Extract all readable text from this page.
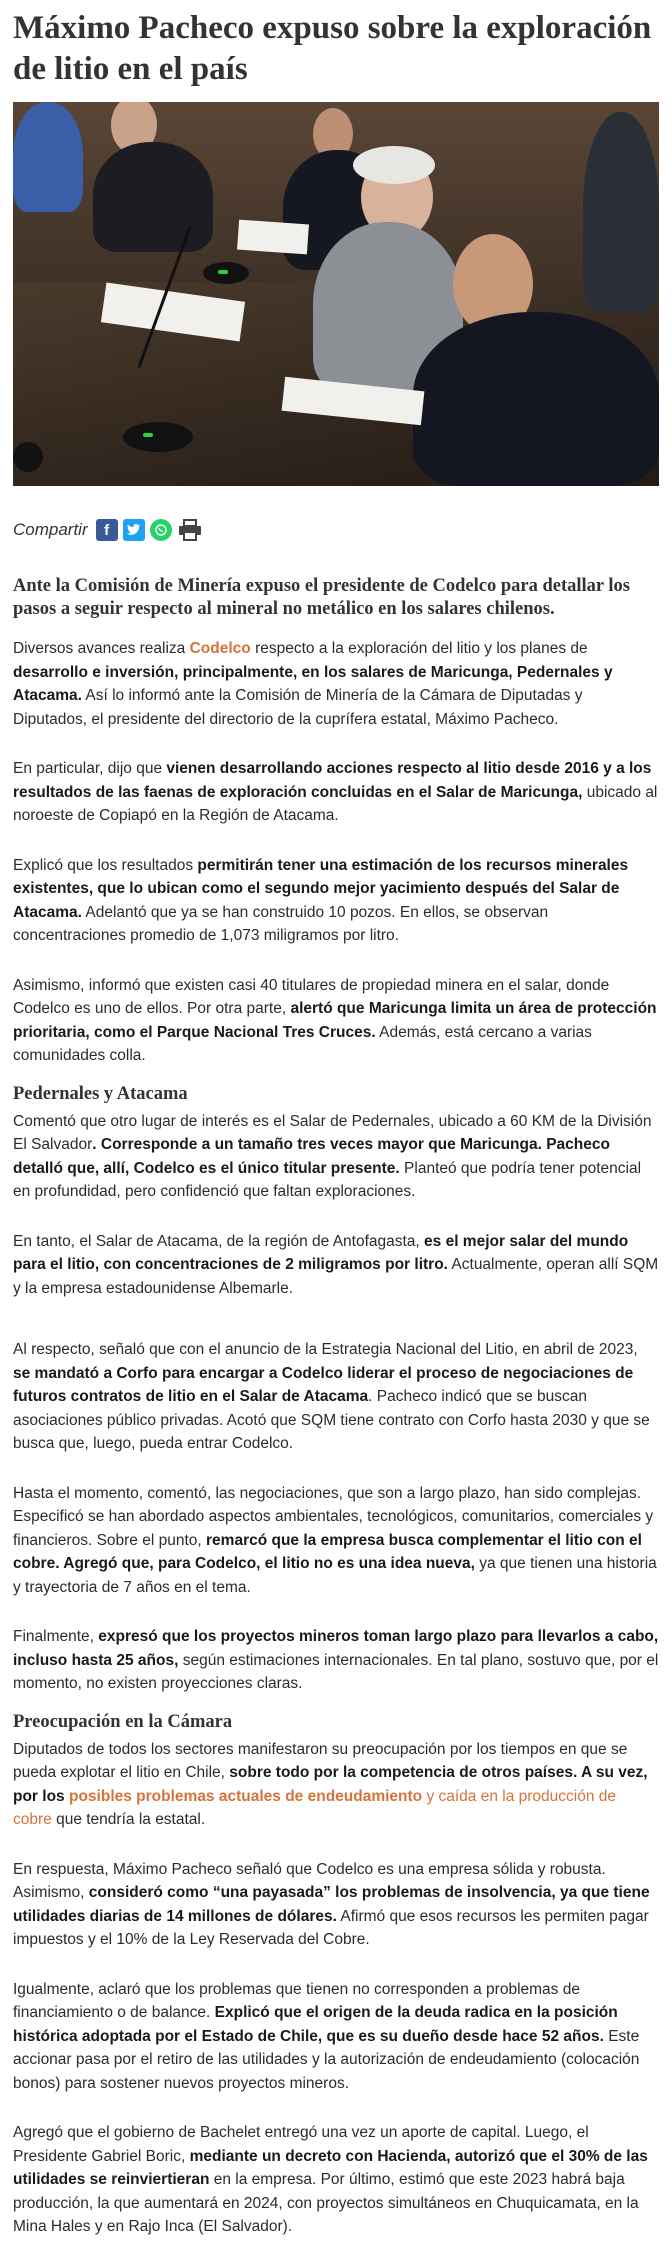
Máximo Pacheco expuso sobre la exploración de litio en el país
Compartir	f
Ante la Comisión de Minería expuso el presidente de Codelco para detallar los pasos a seguir respecto al mineral no metálico en los salares chilenos.

Diversos avances realiza Codelco respecto a la exploración del litio y los planes de desarrollo e inversión, principalmente, en los salares de Maricunga, Pedernales y Atacama. Así lo informó ante la Comisión de Minería de la Cámara de Diputadas y Diputados, el presidente del directorio de la cuprífera estatal, Máximo Pacheco.

En particular, dijo que vienen desarrollando acciones respecto al litio desde 2016 y a los resultados de las faenas de exploración concluidas en el Salar de Maricunga, ubicado al noroeste de Copiapó en la Región de Atacama.

Explicó que los resultados permitirán tener una estimación de los recursos minerales existentes, que lo ubican como el segundo mejor yacimiento después del Salar de Atacama. Adelantó que ya se han construido 10 pozos. En ellos, se observan concentraciones promedio de 1,073 miligramos por litro.

Asimismo, informó que existen casi 40 titulares de propiedad minera en el salar, donde Codelco es uno de ellos. Por otra parte, alertó que Maricunga limita un área de protección prioritaria, como el Parque Nacional Tres Cruces. Además, está cercano a varias comunidades colla.

Pedernales y Atacama

Comentó que otro lugar de interés es el Salar de Pedernales, ubicado a 60 KM de la División El Salvador. Corresponde a un tamaño tres veces mayor que Maricunga. Pacheco detalló que, allí, Codelco es el único titular presente. Planteó que podría tener potencial en profundidad, pero confidenció que faltan exploraciones.

En tanto, el Salar de Atacama, de la región de Antofagasta, es el mejor salar del mundo para el litio, con concentraciones de 2 miligramos por litro. Actualmente, operan allí SQM y la empresa estadounidense Albemarle.

Al respecto, señaló que con el anuncio de la Estrategia Nacional del Litio, en abril de 2023, se mandató a Corfo para encargar a Codelco liderar el proceso de negociaciones de futuros contratos de litio en el Salar de Atacama. Pacheco indicó que se buscan asociaciones público privadas. Acotó que SQM tiene contrato con Corfo hasta 2030 y que se busca que, luego, pueda entrar Codelco.

Hasta el momento, comentó, las negociaciones, que son a largo plazo, han sido complejas. Especificó se han abordado aspectos ambientales, tecnológicos, comunitarios, comerciales y financieros. Sobre el punto, remarcó que la empresa busca complementar el litio con el cobre. Agregó que, para Codelco, el litio no es una idea nueva, ya que tienen una historia y trayectoria de 7 años en el tema.

Finalmente, expresó que los proyectos mineros toman largo plazo para llevarlos a cabo, incluso hasta 25 años, según estimaciones internacionales. En tal plano, sostuvo que, por el momento, no existen proyecciones claras.

Preocupación en la Cámara

Diputados de todos los sectores manifestaron su preocupación por los tiempos en que se pueda explotar el litio en Chile, sobre todo por la competencia de otros países. A su vez, por los posibles problemas actuales de endeudamiento y caída en la producción de cobre que tendría la estatal.

En respuesta, Máximo Pacheco señaló que Codelco es una empresa sólida y robusta. Asimismo, consideró como “una payasada” los problemas de insolvencia, ya que tiene utilidades diarias de 14 millones de dólares. Afirmó que esos recursos les permiten pagar impuestos y el 10% de la Ley Reservada del Cobre.

Igualmente, aclaró que los problemas que tienen no corresponden a problemas de financiamiento o de balance. Explicó que el origen de la deuda radica en la posición histórica adoptada por el Estado de Chile, que es su dueño desde hace 52 años. Este accionar pasa por el retiro de las utilidades y la autorización de endeudamiento (colocación bonos) para sostener nuevos proyectos mineros.

Agregó que el gobierno de Bachelet entregó una vez un aporte de capital. Luego, el Presidente Gabriel Boric, mediante un decreto con Hacienda, autorizó que el 30% de las utilidades se reinviertieran en la empresa. Por último, estimó que este 2023 habrá baja producción, la que aumentará en 2024, con proyectos simultáneos en Chuquicamata, en la Mina Hales y en Rajo Inca (El Salvador).
